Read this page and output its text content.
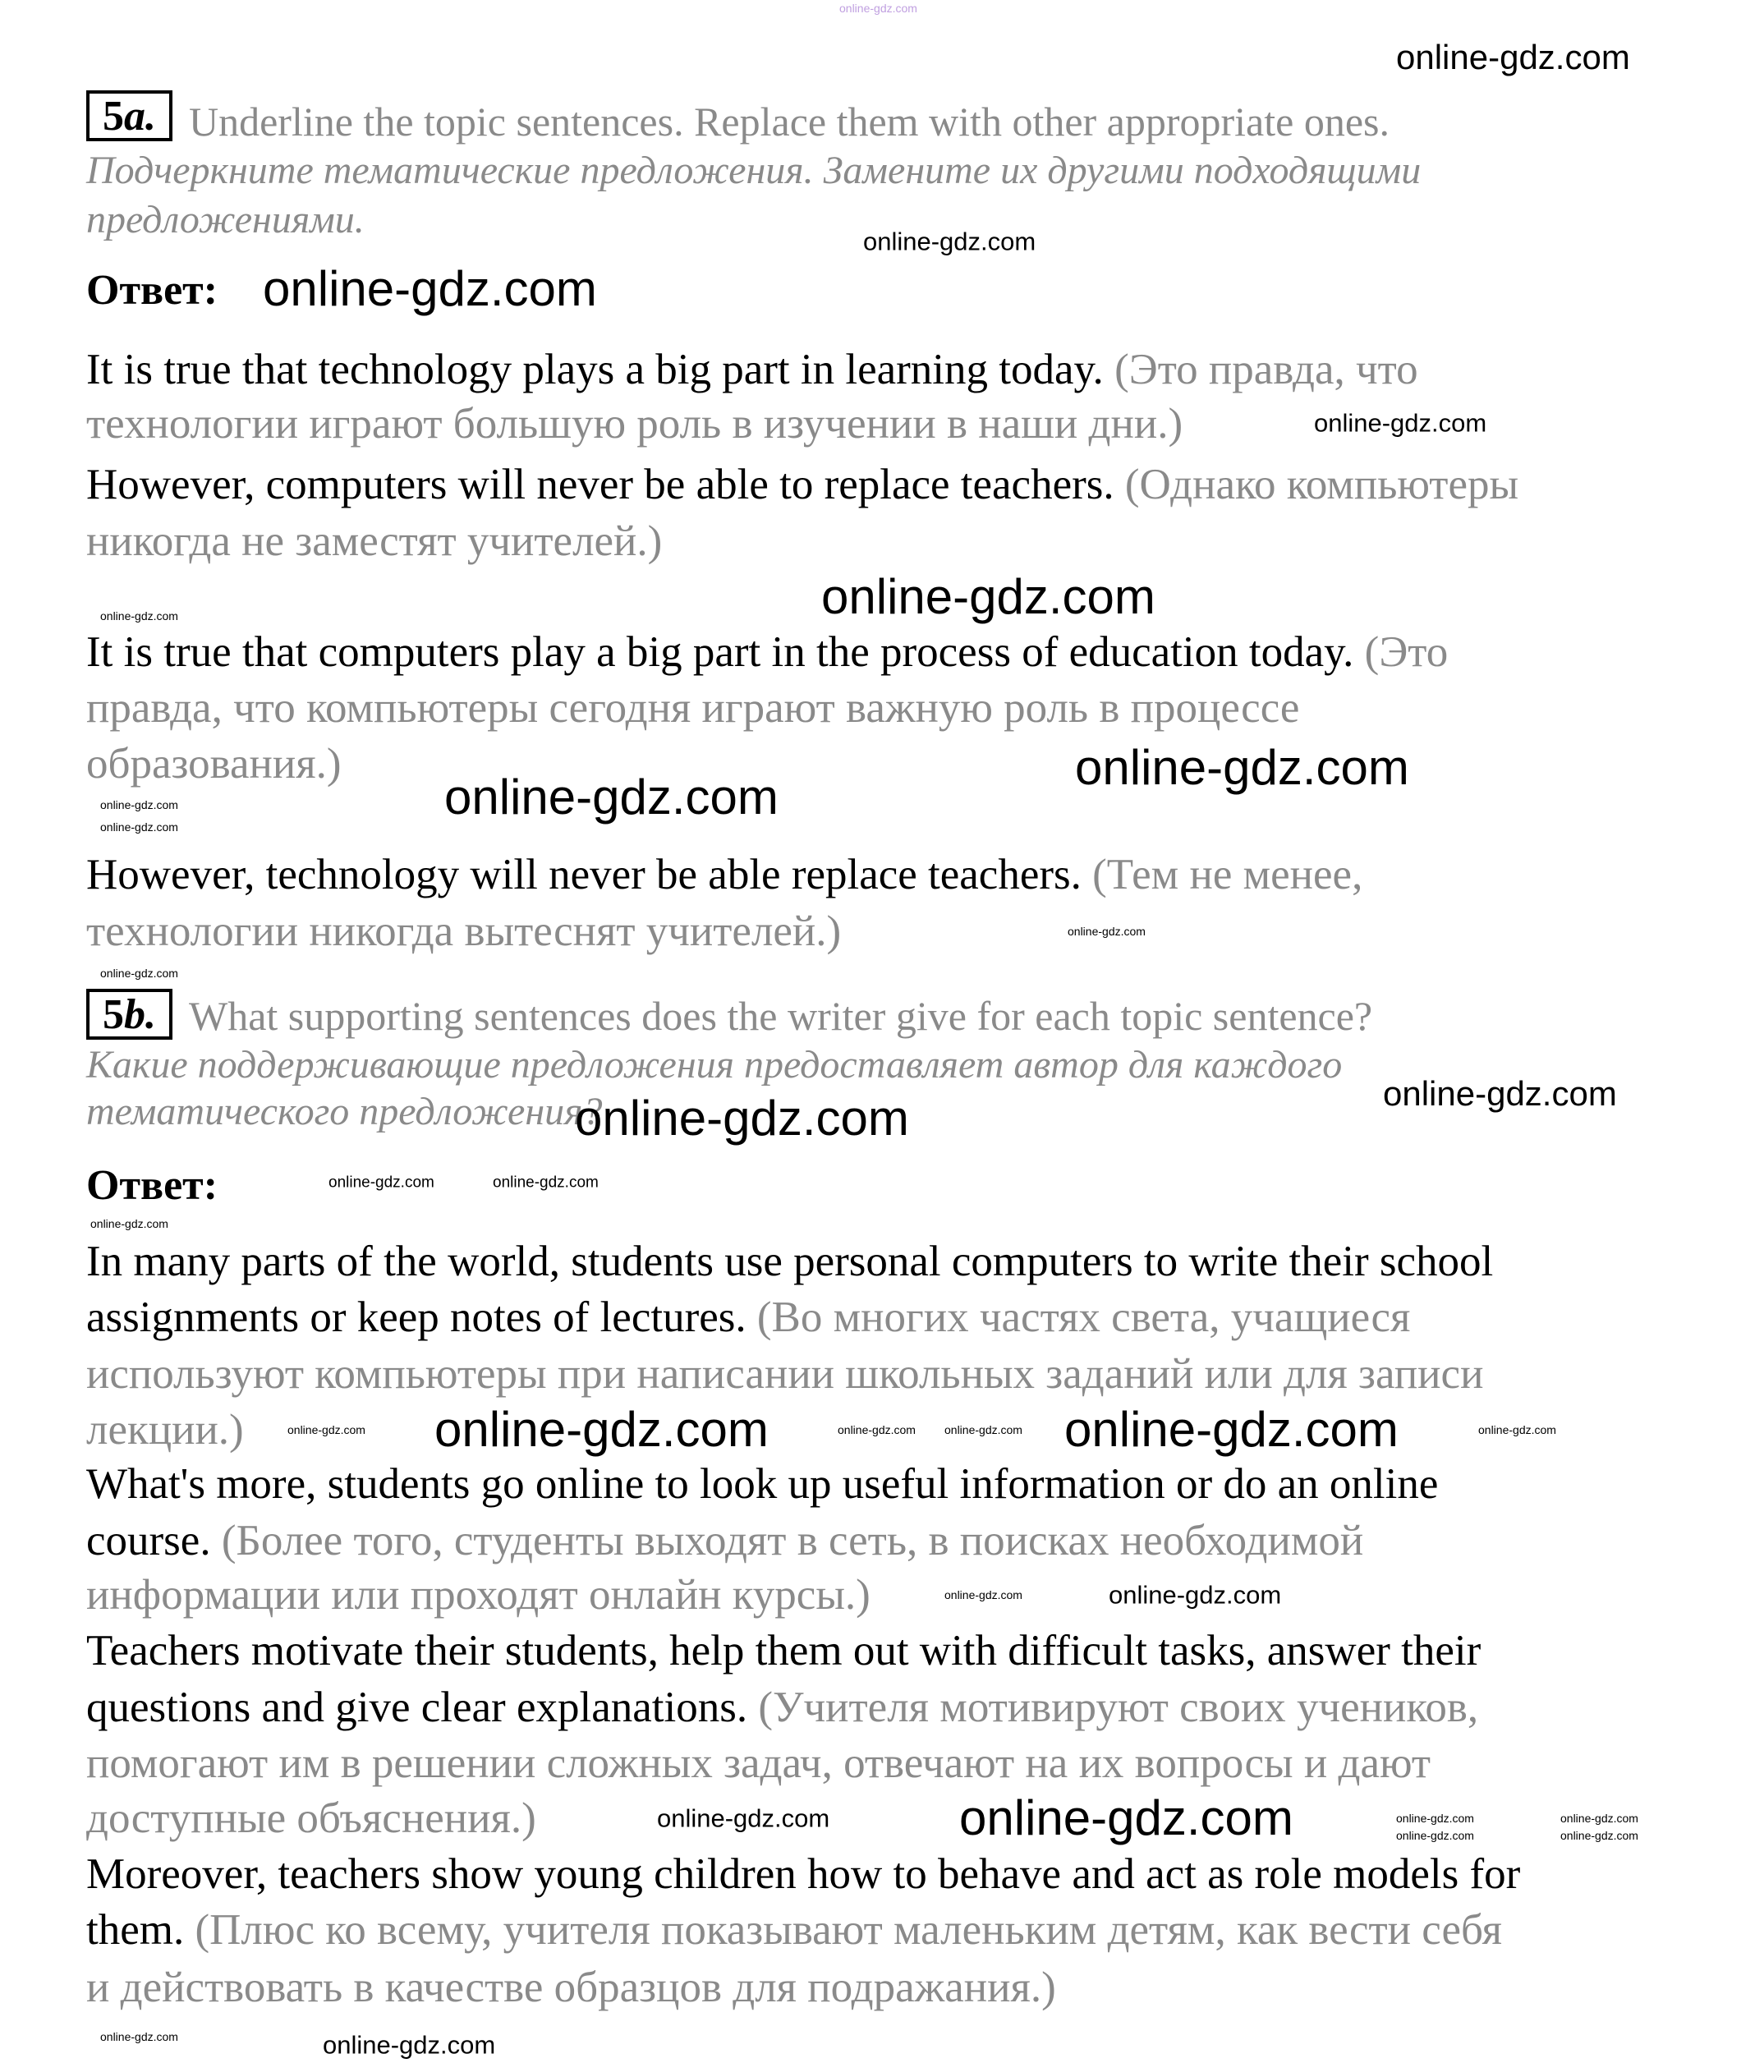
5a. Underline the topic sentences. Replace them with other appropriate ones.
Подчеркните тематические предложения. Замените их другими подходящими
предложениями.
Ответ:
It is true that technology plays a big part in learning today. (Это правда, что
технологии играют большую роль в изучении в наши дни.)
However, computers will never be able to replace teachers. (Однако компьютеры
никогда не заместят учителей.)
It is true that computers play a big part in the process of education today. (Это
правда, что компьютеры сегодня играют важную роль в процессе
образования.)
However, technology will never be able replace teachers. (Тем не менее,
технологии никогда вытеснят учителей.)
5b. What supporting sentences does the writer give for each topic sentence?
Какие поддерживающие предложения предоставляет автор для каждого
тематического предложения?
Ответ:
In many parts of the world, students use personal computers to write their school
assignments or keep notes of lectures. (Во многих частях света, учащиеся
используют компьютеры при написании школьных заданий или для записи
лекции.)
What's more, students go online to look up useful information or do an online
course. (Более того, студенты выходят в сеть, в поисках необходимой
информации или проходят онлайн курсы.)
Teachers motivate their students, help them out with difficult tasks, answer their
questions and give clear explanations. (Учителя мотивируют своих учеников,
помогают им в решении сложных задач, отвечают на их вопросы и дают
доступные объяснения.)
Moreover, teachers show young children how to behave and act as role models for
them. (Плюс ко всему, учителя показывают маленьким детям, как вести себя
и действовать в качестве образцов для подражания.)
online-gdz.com
online-gdz.com
online-gdz.com
online-gdz.com
online-gdz.com
online-gdz.com
online-gdz.com
online-gdz.com
online-gdz.com
online-gdz.com
online-gdz.com
online-gdz.com
online-gdz.com
online-gdz.com	online-gdz.com
online-gdz.com	online-gdz.com
online-gdz.com
online-gdz.com	online-gdz.com	online-gdz.com
online-gdz.com	online-gdz.com	online-gdz.com
online-gdz.com
online-gdz.com	online-gdz.com
online-gdz.com
online-gdz.com	online-gdz.com
online-gdz.com
online-gdz.com	online-gdz.com
online-gdz.com
